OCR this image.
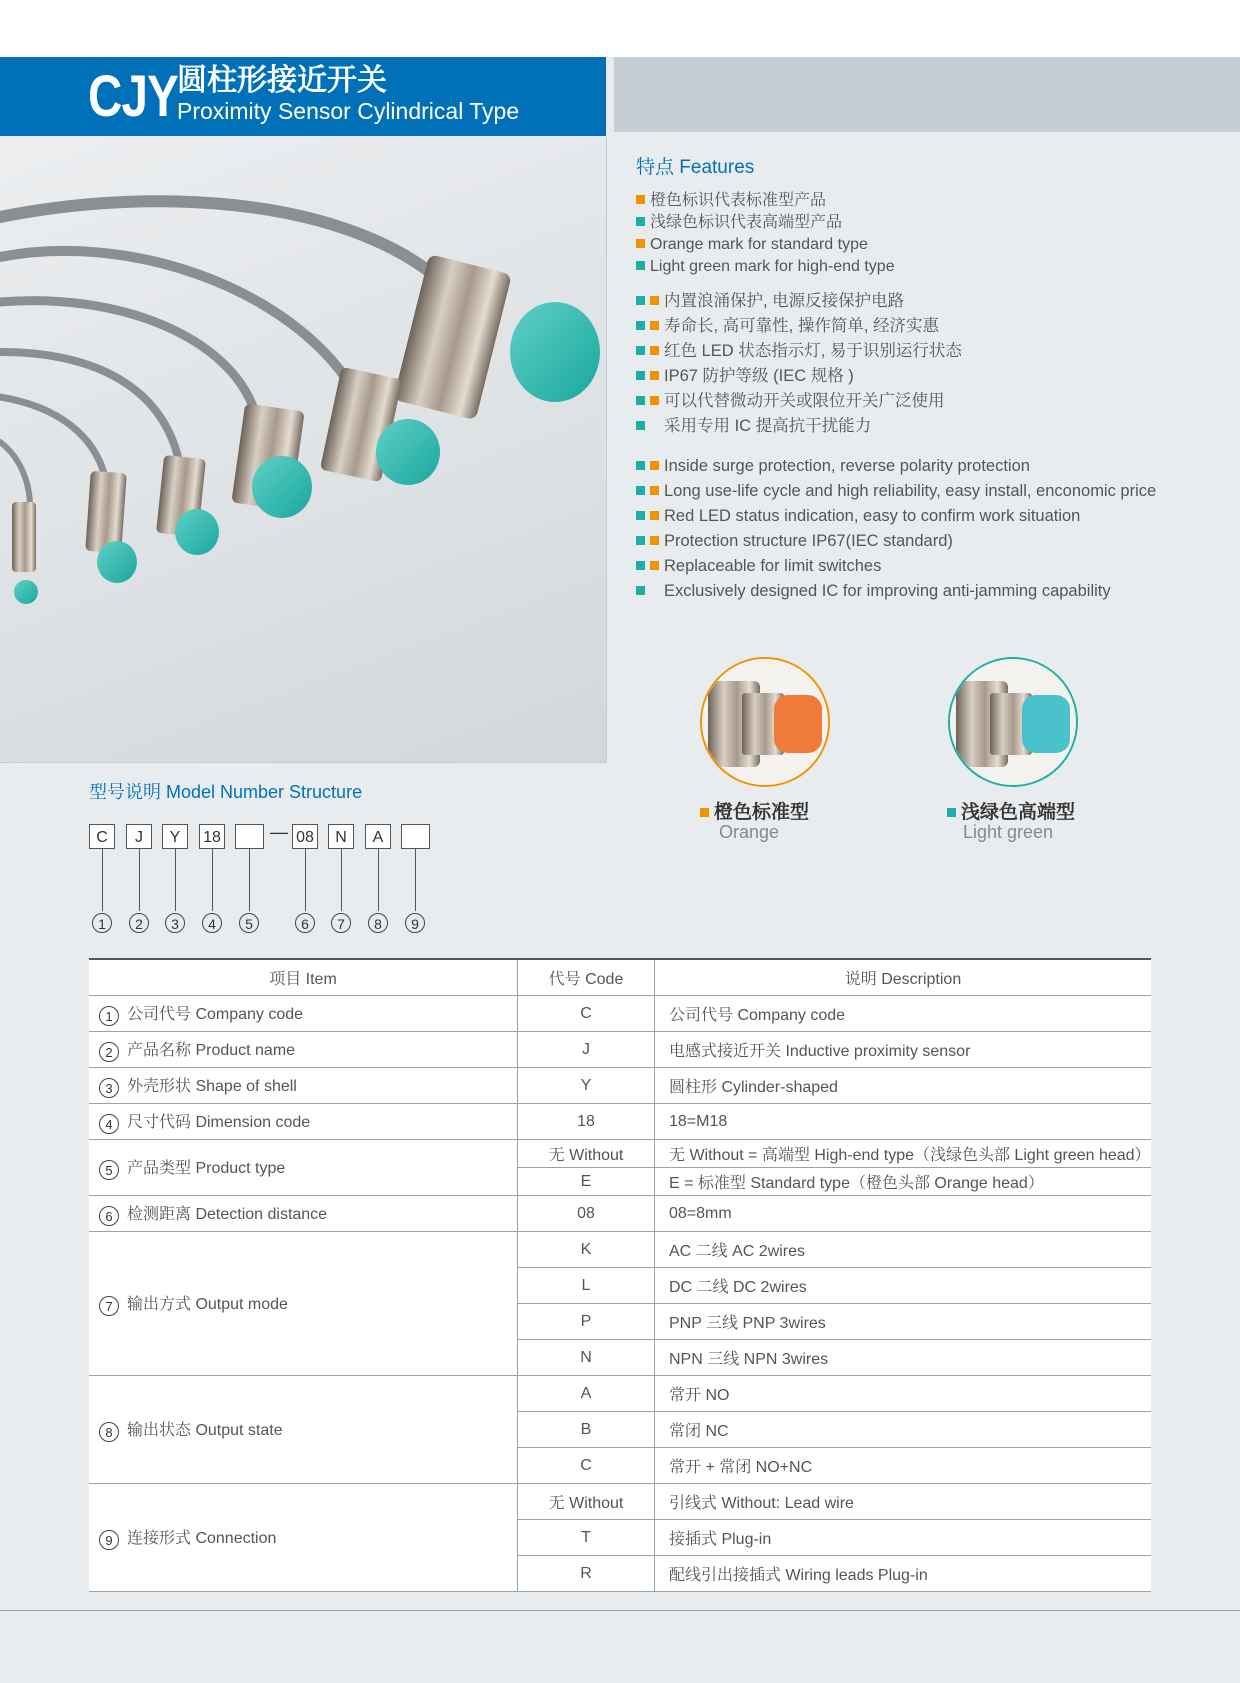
CJY
圆柱形接近开关
Proximity Sensor Cylindrical Type
特点 Features
橙色标识代表标准型产品
浅绿色标识代表高端型产品
Orange mark for standard type
Light green mark for high-end type
内置浪涌保护, 电源反接保护电路
寿命长, 高可靠性, 操作简单, 经济实惠
红色 LED 状态指示灯, 易于识别运行状态
IP67 防护等级 (IEC 规格 )
可以代替微动开关或限位开关广泛使用
采用专用 IC 提高抗干扰能力
Inside surge protection, reverse polarity protection
Long use-life cycle and high reliability, easy install, enconomic price
Red LED status indication, easy to confirm work situation
Protection structure IP67(IEC standard)
Replaceable for limit switches
Exclusively designed IC for improving anti-jamming capability
橙色标准型
Orange
浅绿色高端型
Light green
型号说明 Model Number Structure
C	J	Y	18	— 08	N	A
1	2	3	4	5	6	7	8	9
项目 Item	代号 Code	说明 Description
1 公司代号 Company code	C	公司代号 Company code
2 产品名称 Product name	J	电感式接近开关 Inductive proximity sensor
3 外壳形状 Shape of shell	Y	圆柱形 Cylinder-shaped
4 尺寸代码 Dimension code	18	18=M18
5 产品类型 Product type	无 Without	无 Without = 高端型 High-end type（浅绿色头部 Light green head）
	E	E = 标准型 Standard type（橙色头部 Orange head）
6 检测距离 Detection distance	08	08=8mm
7 输出方式 Output mode	K	AC 二线 AC 2wires
	L	DC 二线 DC 2wires
	P	PNP 三线 PNP 3wires
	N	NPN 三线 NPN 3wires
8 输出状态 Output state	A	常开 NO
	B	常闭 NC
	C	常开 + 常闭 NO+NC
9 连接形式 Connection	无 Without	引线式 Without: Lead wire
	T	接插式 Plug-in
	R	配线引出接插式 Wiring leads Plug-in
